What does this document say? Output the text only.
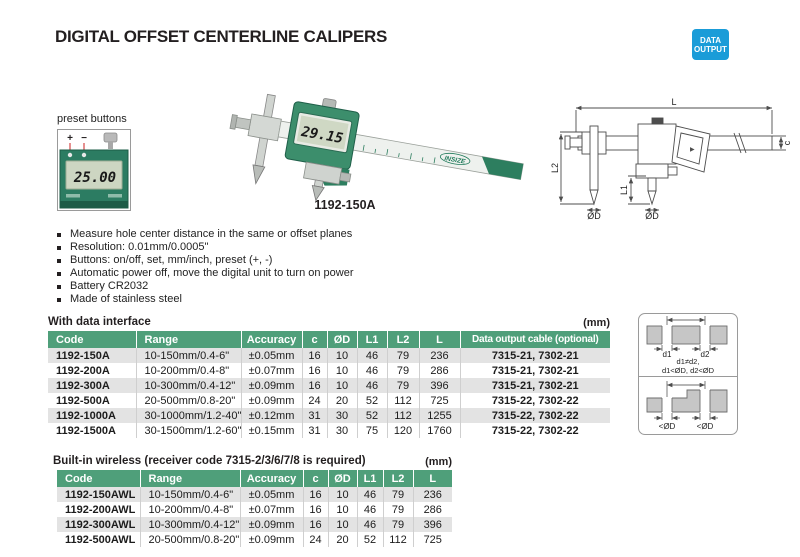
DIGITAL OFFSET CENTERLINE CALIPERS	DATA
OUTPUT
preset buttons
+ −
25.00
INSIZE
29.15
1192-150A
L
L2
L1
ØD	ØD
c
▶
Measure hole center distance in the same or offset planes
Resolution: 0.01mm/0.0005"
Buttons: on/off, set, mm/inch, preset (+, -)
Automatic power off, move the digital unit to turn on power
Battery CR2032
Made of stainless steel
With data interface	(mm)
Code	Range	Accuracy	c	ØD	L1	L2	L	Data output cable (optional)
1192-150A	10-150mm/0.4-6"	±0.05mm	16	10	46	79	236	7315-21, 7302-21
1192-200A	10-200mm/0.4-8"	±0.07mm	16	10	46	79	286	7315-21, 7302-21
1192-300A	10-300mm/0.4-12"	±0.09mm	16	10	46	79	396	7315-21, 7302-21
1192-500A	20-500mm/0.8-20"	±0.09mm	24	20	52	112	725	7315-22, 7302-22
1192-1000A	30-1000mm/1.2-40"	±0.12mm	31	30	52	112	1255	7315-22, 7302-22
1192-1500A	30-1500mm/1.2-60"	±0.15mm	31	30	75	120	1760	7315-22, 7302-22
d1	d2
d1≠d2,
d1<ØD, d2<ØD
<ØD	<ØD
Built-in wireless (receiver code 7315-2/3/6/7/8 is required)	(mm)
Code	Range	Accuracy	c	ØD	L1	L2	L
1192-150AWL	10-150mm/0.4-6"	±0.05mm	16	10	46	79	236
1192-200AWL	10-200mm/0.4-8"	±0.07mm	16	10	46	79	286
1192-300AWL	10-300mm/0.4-12"	±0.09mm	16	10	46	79	396
1192-500AWL	20-500mm/0.8-20"	±0.09mm	24	20	52	112	725
